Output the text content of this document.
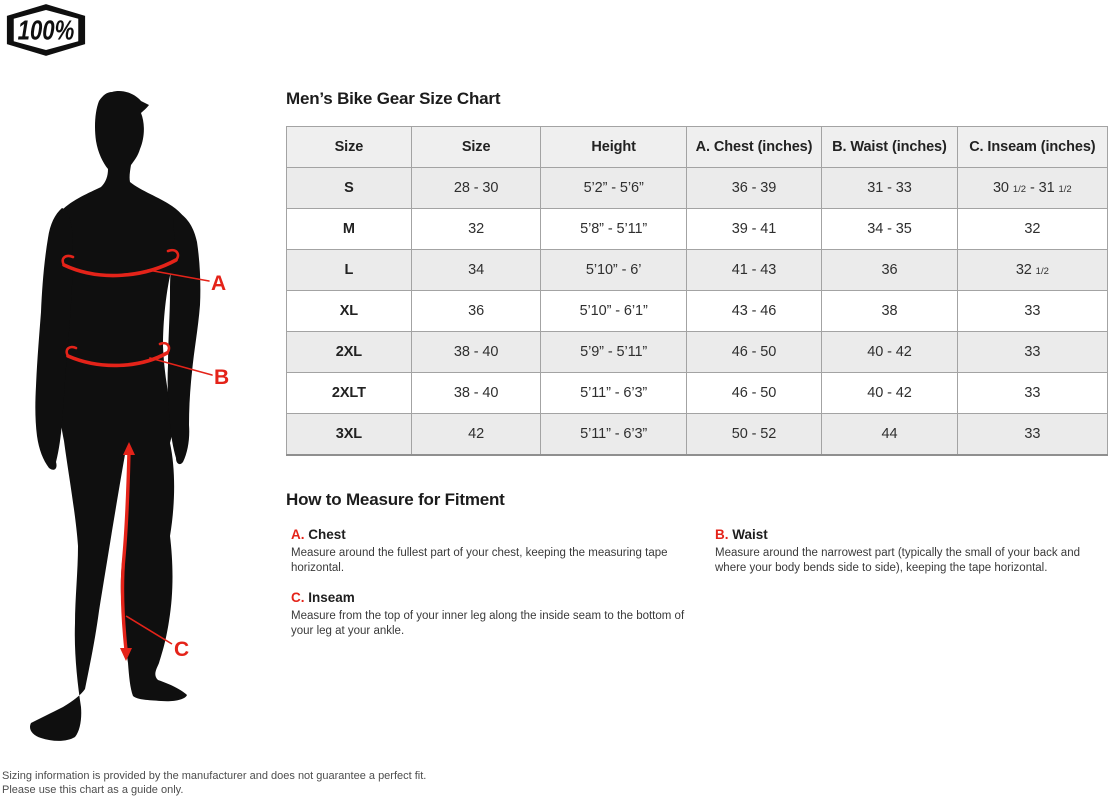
100%
A
B
C
Men’s Bike Gear Size Chart
Size	Size	Height	A. Chest (inches)	B. Waist (inches)	C. Inseam (inches)
S	28 - 30	5’2” - 5’6”	36 - 39	31 - 33	30 1/2 - 31 1/2
M	32	5’8” - 5’11”	39 - 41	34 - 35	32
L	34	5’10” - 6’	41 - 43	36	32 1/2
XL	36	5’10” - 6’1”	43 - 46	38	33
2XL	38 - 40	5’9” - 5’11”	46 - 50	40 - 42	33
2XLT	38 - 40	5’11” - 6’3”	46 - 50	40 - 42	33
3XL	42	5’11” - 6’3”	50 - 52	44	33
How to Measure for Fitment
A. Chest

Measure around the fullest part of your chest, keeping the measuring tape horizontal.

B. Waist

Measure around the narrowest part (typically the small of your back and where your body bends side to side), keeping the tape horizontal.

C. Inseam

Measure from the top of your inner leg along the inside seam to the bottom of your leg at your ankle.

Sizing information is provided by the manufacturer and does not guarantee a perfect fit.
Please use this chart as a guide only.
